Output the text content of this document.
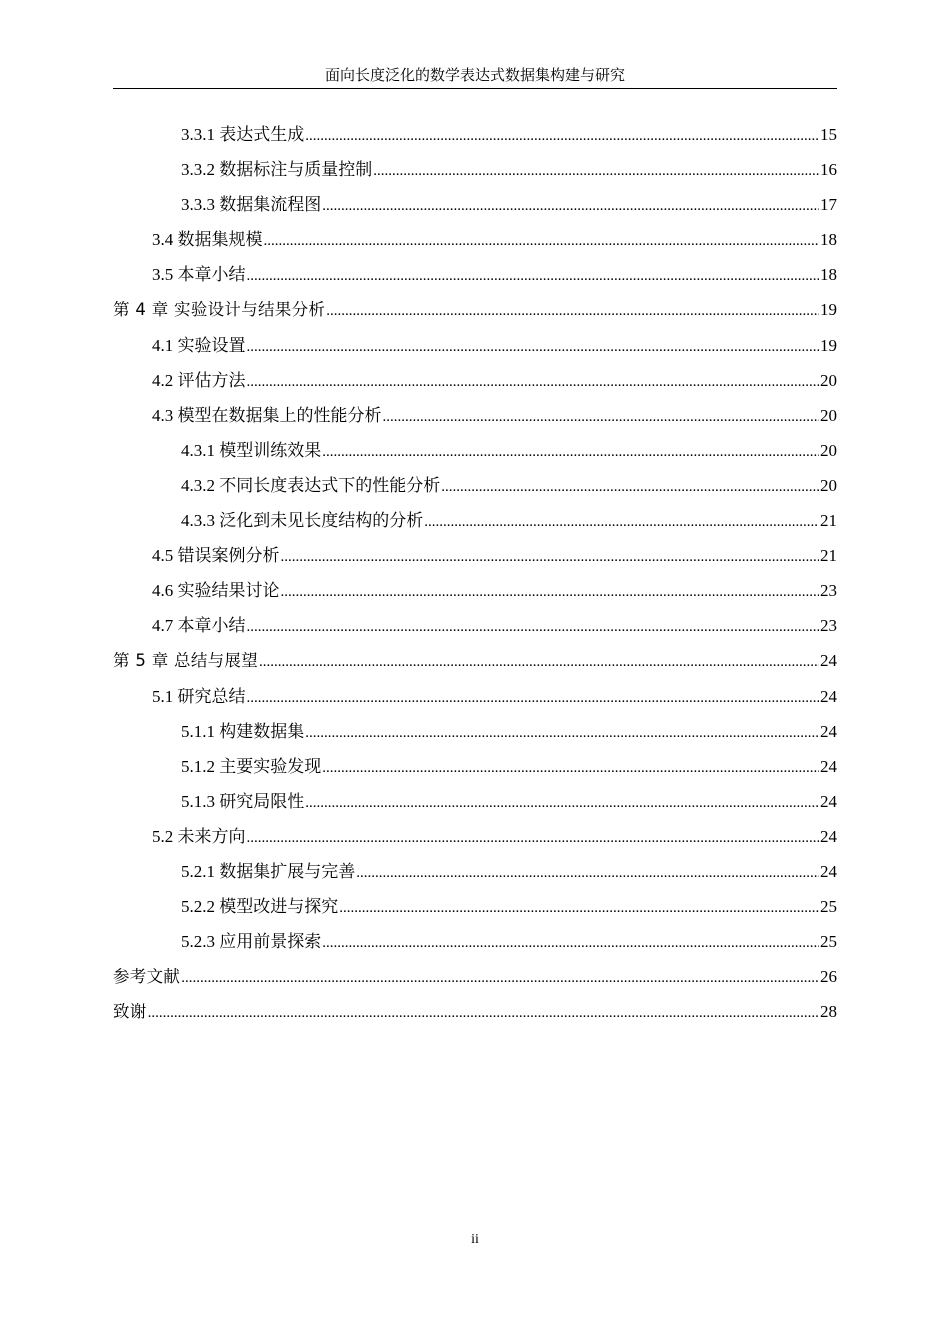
面向长度泛化的数学表达式数据集构建与研究
3.3.1 表达式生成 .....	15
3.3.2 数据标注与质量控制 .....	16
3.3.3 数据集流程图 .....	17
3.4 数据集规模 .....	18
3.5 本章小结 .....	18
第 4 章 实验设计与结果分析 .....	19
4.1 实验设置 .....	19
4.2 评估方法 .....	20
4.3 模型在数据集上的性能分析 .....	20
4.3.1 模型训练效果 .....	20
4.3.2 不同长度表达式下的性能分析 .....	20
4.3.3 泛化到未见长度结构的分析 .....	21
4.5 错误案例分析 .....	21
4.6 实验结果讨论 .....	23
4.7 本章小结 .....	23
第 5 章 总结与展望 .....	24
5.1 研究总结 .....	24
5.1.1 构建数据集 .....	24
5.1.2 主要实验发现 .....	24
5.1.3 研究局限性 .....	24
5.2 未来方向 .....	24
5.2.1 数据集扩展与完善 .....	24
5.2.2 模型改进与探究 .....	25
5.2.3 应用前景探索 .....	25
参考文献 .....	26
致谢 .....	28
ii
